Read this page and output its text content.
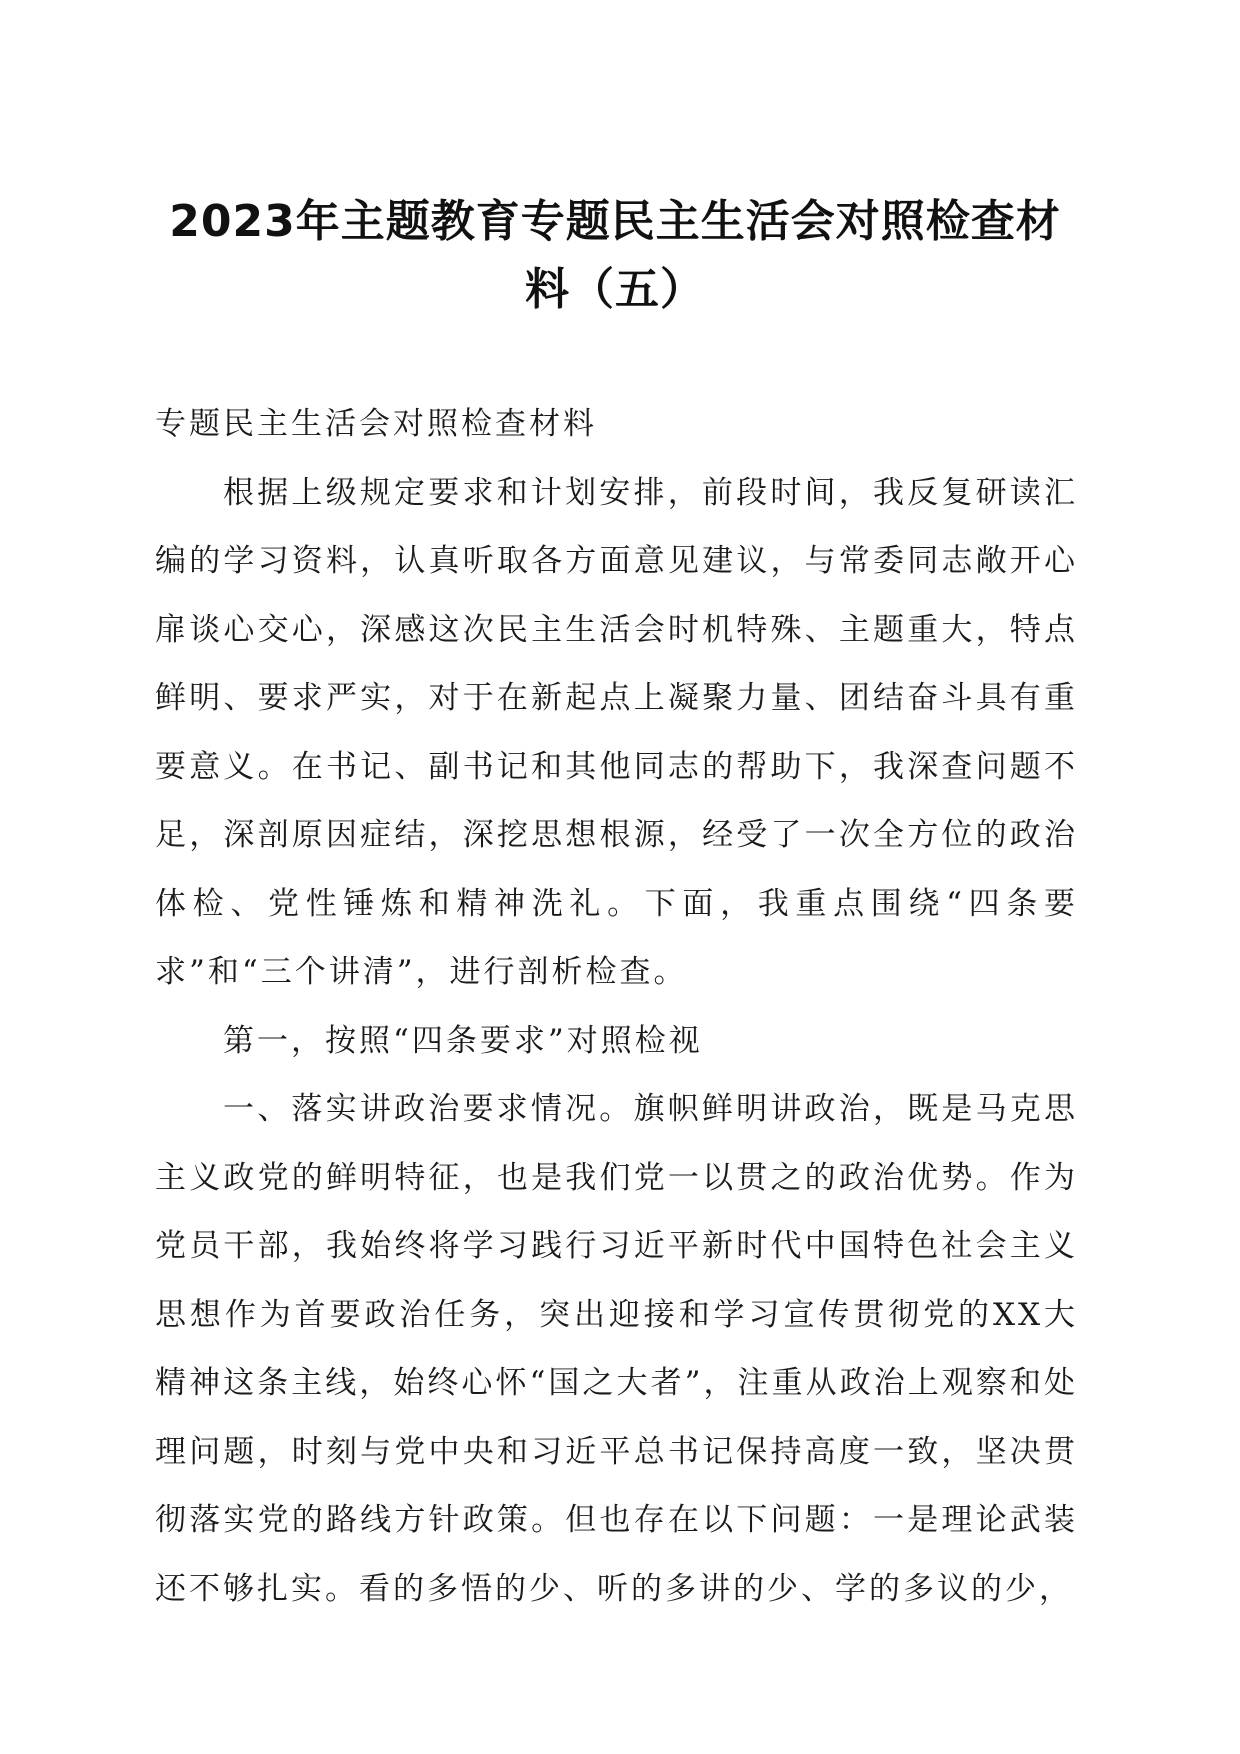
2023年主题教育专题民主生活会对照检查材料（五）

专题民主生活会对照检查材料

根据上级规定要求和计划安排，前段时间，我反复研读汇编的学习资料，认真听取各方面意见建议，与常委同志敞开心扉谈心交心，深感这次民主生活会时机特殊、主题重大，特点鲜明、要求严实，对于在新起点上凝聚力量、团结奋斗具有重要意义。在书记、副书记和其他同志的帮助下，我深查问题不足，深剖原因症结，深挖思想根源，经受了一次全方位的政治体检、党性锤炼和精神洗礼。下面，我重点围绕“四条要求”和“三个讲清”，进行剖析检查。

第一，按照“四条要求”对照检视

一、落实讲政治要求情况。旗帜鲜明讲政治，既是马克思主义政党的鲜明特征，也是我们党一以贯之的政治优势。作为党员干部，我始终将学习践行习近平新时代中国特色社会主义思想作为首要政治任务，突出迎接和学习宣传贯彻党的XX大精神这条主线，始终心怀“国之大者”，注重从政治上观察和处理问题，时刻与党中央和习近平总书记保持高度一致，坚决贯彻落实党的路线方针政策。但也存在以下问题：一是理论武装还不够扎实。看的多悟的少、听的多讲的少、学的多议的少，
